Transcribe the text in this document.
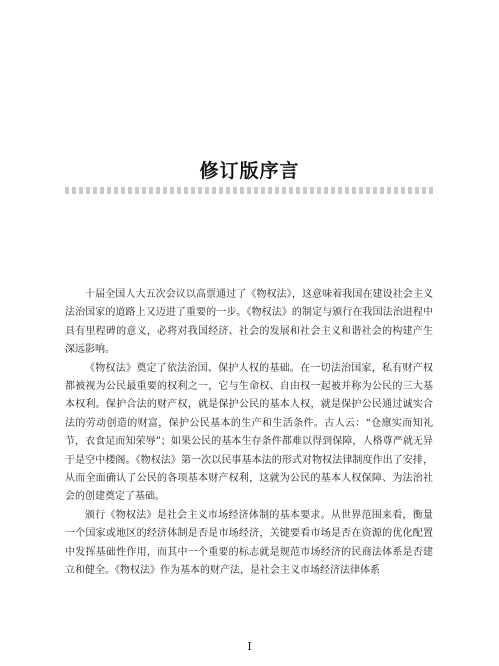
修订版序言

十届全国人大五次会议以高票通过了《物权法》，这意味着我国在建设社会主义法治国家的道路上又迈进了重要的一步。《物权法》的制定与颁行在我国法治进程中具有里程碑的意义，必将对我国经济、社会的发展和社会主义和谐社会的构建产生深远影响。

《物权法》奠定了依法治国、保护人权的基础。在一切法治国家，私有财产权都被视为公民最重要的权利之一，它与生命权、自由权一起被并称为公民的三大基本权利。保护合法的财产权，就是保护公民的基本人权，就是保护公民通过诚实合法的劳动创造的财富，保护公民基本的生产和生活条件。古人云：“仓廪实而知礼节，衣食足而知荣辱”；如果公民的基本生存条件都难以得到保障，人格尊严就无异于是空中楼阁。《物权法》第一次以民事基本法的形式对物权法律制度作出了安排，从而全面确认了公民的各项基本财产权利，这就为公民的基本人权保障、为法治社会的创建奠定了基础。

颁行《物权法》是社会主义市场经济体制的基本要求。从世界范围来看，衡量一个国家或地区的经济体制是否是市场经济，关键要看市场是否在资源的优化配置中发挥基础性作用，而其中一个重要的标志就是规范市场经济的民商法体系是否建立和健全。《物权法》作为基本的财产法，是社会主义市场经济法律体系

I
